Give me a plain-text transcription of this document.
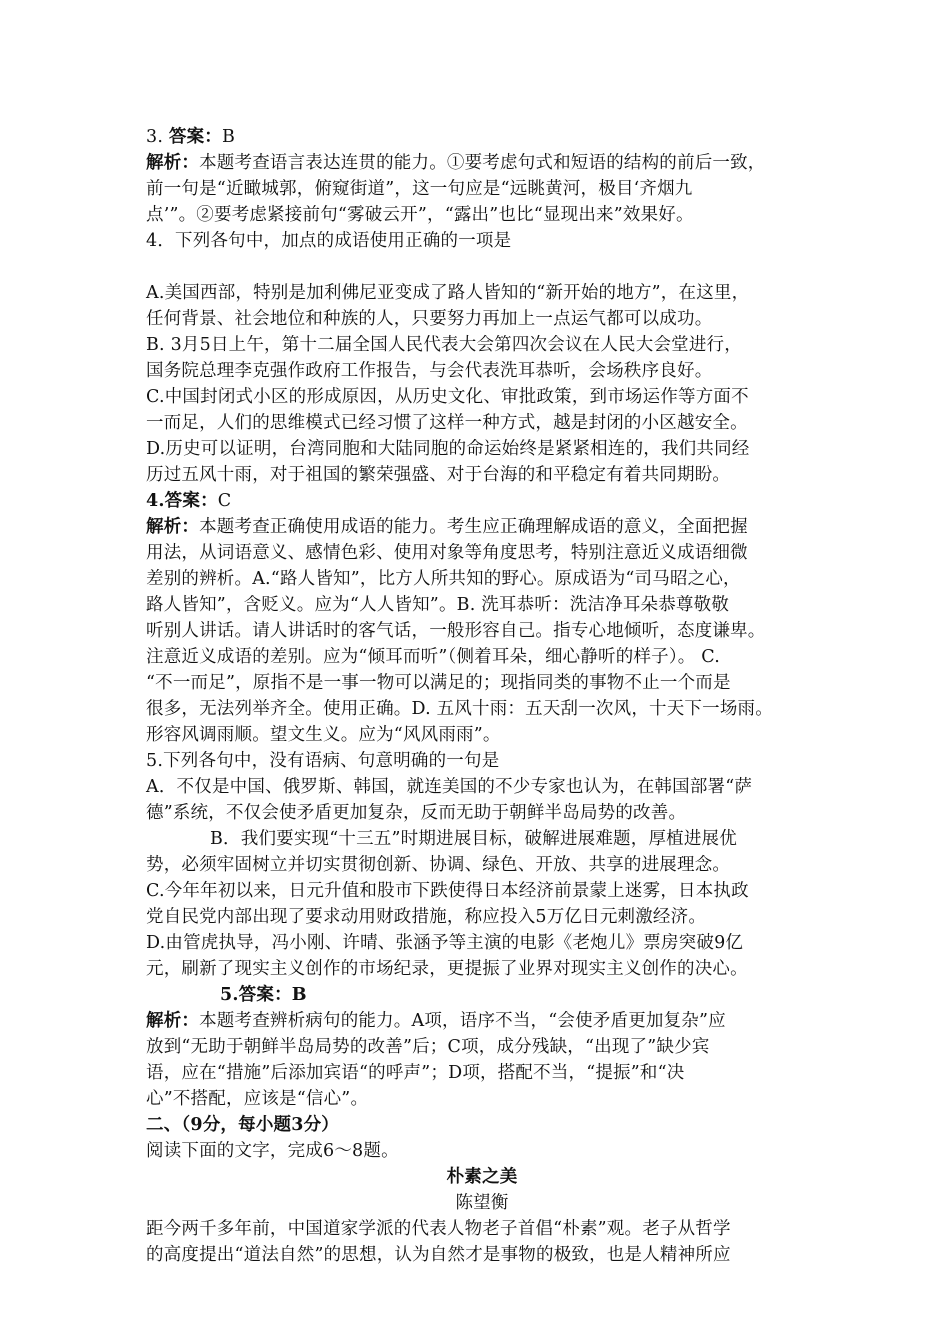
3. 答案：B
解析：本题考查语言表达连贯的能力。①要考虑句式和短语的结构的前后一致，
前一句是“近瞰城郭，俯窥街道”，这一句应是“远眺黄河，极目‘齐烟九
点’”。②要考虑紧接前句“雾破云开”，“露出”也比“显现出来”效果好。
4．下列各句中，加点的成语使用正确的一项是
A.美国西部，特别是加利佛尼亚变成了路人皆知的“新开始的地方”，在这里，
任何背景、社会地位和种族的人，只要努力再加上一点运气都可以成功。
B. 3月5日上午，第十二届全国人民代表大会第四次会议在人民大会堂进行，
国务院总理李克强作政府工作报告，与会代表洗耳恭听，会场秩序良好。
C.中国封闭式小区的形成原因，从历史文化、审批政策，到市场运作等方面不
一而足，人们的思维模式已经习惯了这样一种方式，越是封闭的小区越安全。
D.历史可以证明，台湾同胞和大陆同胞的命运始终是紧紧相连的，我们共同经
历过五风十雨，对于祖国的繁荣强盛、对于台海的和平稳定有着共同期盼。
4.答案：C
解析：本题考查正确使用成语的能力。考生应正确理解成语的意义，全面把握
用法，从词语意义、感情色彩、使用对象等角度思考，特别注意近义成语细微
差别的辨析。A.“路人皆知”，比方人所共知的野心。原成语为“司马昭之心，
路人皆知”，含贬义。应为“人人皆知”。B. 洗耳恭听：洗洁净耳朵恭尊敬敬
听别人讲话。请人讲话时的客气话，一般形容自己。指专心地倾听，态度谦卑。
注意近义成语的差别。应为“倾耳而听”（侧着耳朵，细心静听的样子）。 C.
“不一而足”，原指不是一事一物可以满足的；现指同类的事物不止一个而是
很多，无法列举齐全。使用正确。D. 五风十雨：五天刮一次风，十天下一场雨。
形容风调雨顺。望文生义。应为“风风雨雨”。
5.下列各句中，没有语病、句意明确的一句是
A．不仅是中国、俄罗斯、韩国，就连美国的不少专家也认为，在韩国部署“萨
德”系统，不仅会使矛盾更加复杂，反而无助于朝鲜半岛局势的改善。
B．我们要实现“十三五”时期进展目标，破解进展难题，厚植进展优
势，必须牢固树立并切实贯彻创新、协调、绿色、开放、共享的进展理念。
C.今年年初以来，日元升值和股市下跌使得日本经济前景蒙上迷雾，日本执政
党自民党内部出现了要求动用财政措施，称应投入5万亿日元刺激经济。
D.由管虎执导，冯小刚、许晴、张涵予等主演的电影《老炮儿》票房突破9亿
元，刷新了现实主义创作的市场纪录，更提振了业界对现实主义创作的决心。
5.答案：B
解析：本题考查辨析病句的能力。A项，语序不当，“会使矛盾更加复杂”应
放到“无助于朝鲜半岛局势的改善”后；C项，成分残缺，“出现了”缺少宾
语，应在“措施”后添加宾语“的呼声”；D项，搭配不当，“提振”和“决
心”不搭配，应该是“信心”。
二、（9分，每小题3分）
阅读下面的文字，完成6～8题。
朴素之美
陈望衡
距今两千多年前，中国道家学派的代表人物老子首倡“朴素”观。老子从哲学
的高度提出“道法自然”的思想，认为自然才是事物的极致，也是人精神所应
